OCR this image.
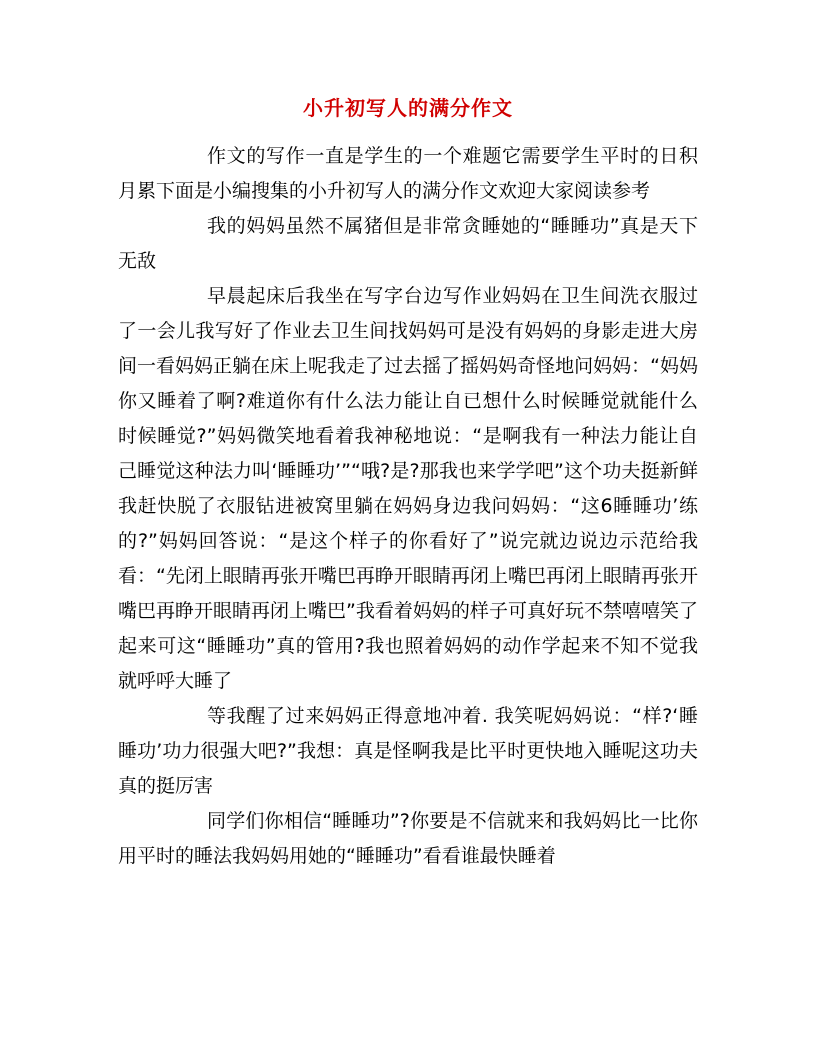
小升初写人的满分作文

作文的写作一直是学生的一个难题它需要学生平时的日积月累下面是小编搜集的小升初写人的满分作文欢迎大家阅读参考

我的妈妈虽然不属猪但是非常贪睡她的“睡睡功”真是天下无敌

早晨起床后我坐在写字台边写作业妈妈在卫生间洗衣服过了一会儿我写好了作业去卫生间找妈妈可是没有妈妈的身影走进大房间一看妈妈正躺在床上呢我走了过去摇了摇妈妈奇怪地问妈妈：“妈妈你又睡着了啊?难道你有什么法力能让自已想什么时候睡觉就能什么时候睡觉?”妈妈微笑地看着我神秘地说：“是啊我有一种法力能让自己睡觉这种法力叫‘睡睡功’”“哦?是?那我也来学学吧”这个功夫挺新鲜我赶快脱了衣服钻进被窝里躺在妈妈身边我问妈妈：“这6睡睡功’练的?”妈妈回答说：“是这个样子的你看好了”说完就边说边示范给我看：“先闭上眼睛再张开嘴巴再睁开眼睛再闭上嘴巴再闭上眼睛再张开嘴巴再睁开眼睛再闭上嘴巴”我看着妈妈的样子可真好玩不禁嘻嘻笑了起来可这“睡睡功”真的管用?我也照着妈妈的动作学起来不知不觉我就呼呼大睡了

等我醒了过来妈妈正得意地冲着. 我笑呢妈妈说：“样?‘睡睡功’功力很强大吧?”我想：真是怪啊我是比平时更快地入睡呢这功夫真的挺厉害

同学们你相信“睡睡功”?你要是不信就来和我妈妈比一比你用平时的睡法我妈妈用她的“睡睡功”看看谁最快睡着
